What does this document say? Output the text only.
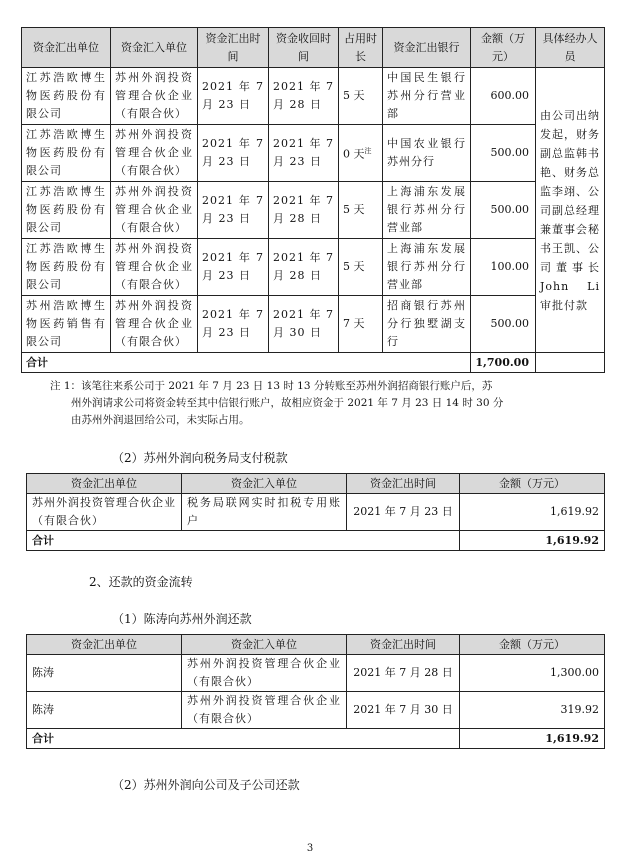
资金汇出单位	资金汇入单位	资金汇出时间	资金收回时间	占用时长	资金汇出银行	金额（万元）	具体经办人员
江苏浩欧博生物医药股份有限公司	苏州外润投资管理合伙企业（有限合伙）	2021 年 7 月 23 日	2021 年 7 月 28 日	5 天	中国民生银行苏州分行营业部	600.00	由公司出纳发起，财务副总监韩书艳、财务总监李翊、公司副总经理兼董事会秘书王凯、公司董事长 John Li 审批付款
江苏浩欧博生物医药股份有限公司	苏州外润投资管理合伙企业（有限合伙）	2021 年 7 月 23 日	2021 年 7 月 23 日	0 天$^注$	中国农业银行苏州分行	500.00	
江苏浩欧博生物医药股份有限公司	苏州外润投资管理合伙企业（有限合伙）	2021 年 7 月 23 日	2021 年 7 月 28 日	5 天	上海浦东发展银行苏州分行营业部	500.00	
江苏浩欧博生物医药股份有限公司	苏州外润投资管理合伙企业（有限合伙）	2021 年 7 月 23 日	2021 年 7 月 28 日	5 天	上海浦东发展银行苏州分行营业部	100.00	
苏州浩欧博生物医药销售有限公司	苏州外润投资管理合伙企业（有限合伙）	2021 年 7 月 23 日	2021 年 7 月 30 日	7 天	招商银行苏州分行独墅湖支行	500.00	
合计						1,700.00	
注 1：该笔往来系公司于 2021 年 7 月 23 日 13 时 13 分转账至苏州外润招商银行账户后，苏
州外润请求公司将资金转至其中信银行账户，故相应资金于 2021 年 7 月 23 日 14 时 30 分
由苏州外润退回给公司，未实际占用。
（2）苏州外润向税务局支付税款
资金汇出单位	资金汇入单位	资金汇出时间	金额（万元）
苏州外润投资管理合伙企业（有限合伙）	税务局联网实时扣税专用账户	2021 年 7 月 23 日	1,619.92
合计			1,619.92
2、还款的资金流转
（1）陈涛向苏州外润还款
资金汇出单位	资金汇入单位	资金汇出时间	金额（万元）
陈涛	苏州外润投资管理合伙企业（有限合伙）	2021 年 7 月 28 日	1,300.00
陈涛	苏州外润投资管理合伙企业（有限合伙）	2021 年 7 月 30 日	319.92
合计			1,619.92
（2）苏州外润向公司及子公司还款
3
